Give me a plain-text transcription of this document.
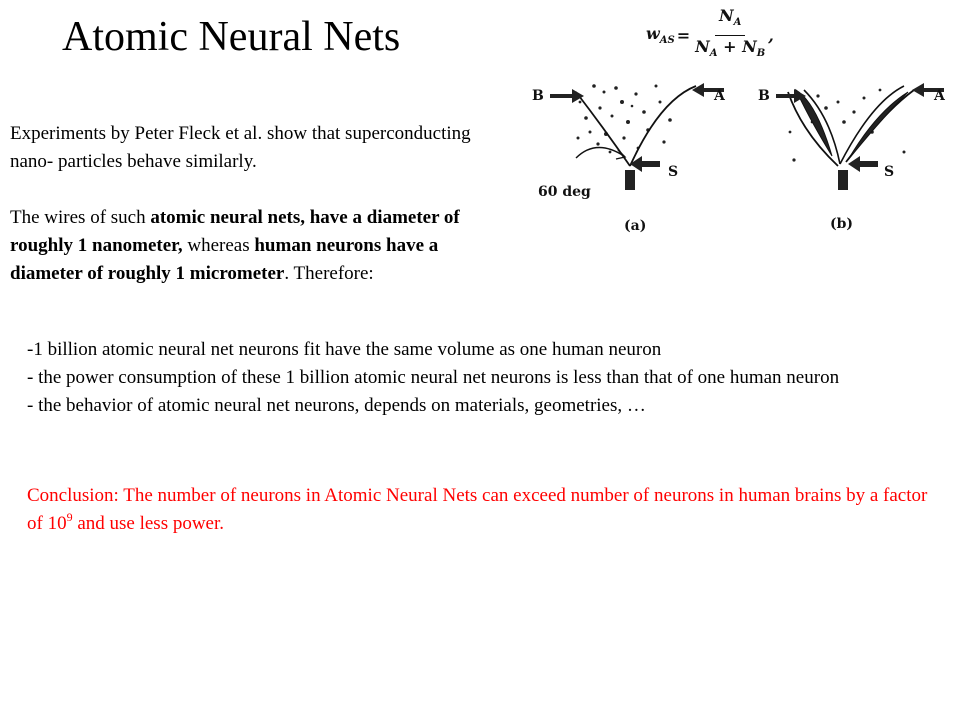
Atomic Neural Nets	$w_{AS} = \frac{N_A}{N_A + N_B}$ ,
B	A
S
60 deg
(a)
B	A
S
(b)

Experiments by Peter Fleck et al. show that superconducting nano- particles behave similarly.

The wires of such atomic neural nets, have a diameter of roughly 1 nanometer, whereas human neurons have a diameter of roughly 1 micrometer. Therefore:

-1 billion atomic neural net neurons fit have the same volume as one human neuron

- the power consumption of these 1 billion atomic neural net neurons is less than that of one human neuron

- the behavior of atomic neural net neurons, depends on materials, geometries, …

Conclusion: The number of neurons in Atomic Neural Nets can exceed number of neurons in human brains by a factor of $10^9$ and use less power.
